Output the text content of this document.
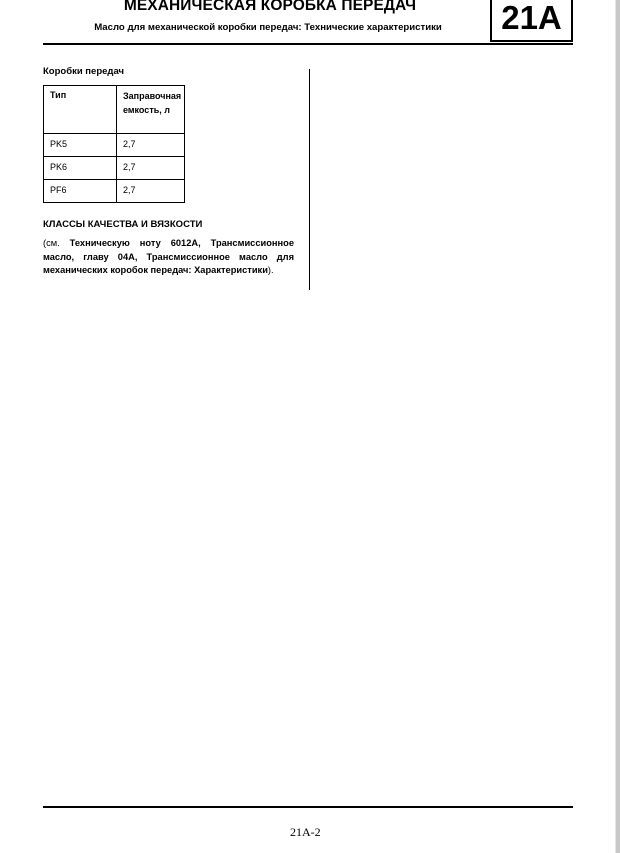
МЕХАНИЧЕСКАЯ КОРОБКА ПЕРЕДАЧ
Масло для механической коробки передач: Технические характеристики	21A
Коробки передач
Тип	Заправочная емкость, л

PK5	2,7
PK6	2,7
PF6	2,7
КЛАССЫ КАЧЕСТВА И ВЯЗКОСТИ
(см. Техническую ноту 6012A, Трансмиссионное масло, главу 04A, Трансмиссионное масло для механических коробок передач: Характеристики).
21A-2
